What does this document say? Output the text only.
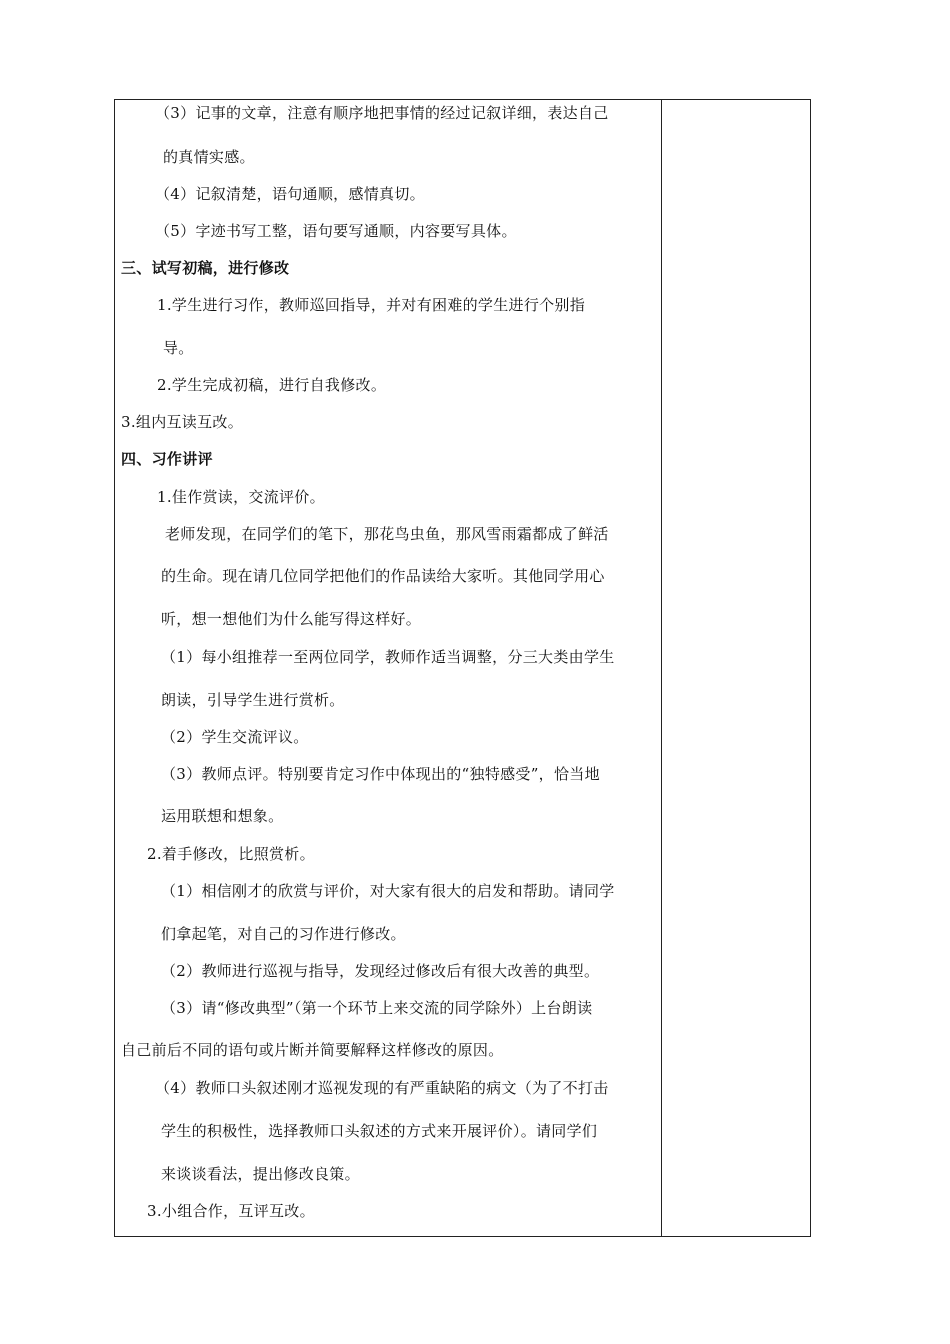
（3）记事的文章，注意有顺序地把事情的经过记叙详细，表达自己
的真情实感。
（4）记叙清楚，语句通顺，感情真切。
（5）字迹书写工整，语句要写通顺，内容要写具体。
三、试写初稿，进行修改
1.学生进行习作，教师巡回指导，并对有困难的学生进行个别指
导。
2.学生完成初稿，进行自我修改。
3.组内互读互改。
四、习作讲评
1.佳作赏读，交流评价。
老师发现，在同学们的笔下，那花鸟虫鱼，那风雪雨霜都成了鲜活
的生命。现在请几位同学把他们的作品读给大家听。其他同学用心
听，想一想他们为什么能写得这样好。
（1）每小组推荐一至两位同学，教师作适当调整，分三大类由学生
朗读，引导学生进行赏析。
（2）学生交流评议。
（3）教师点评。特别要肯定习作中体现出的“独特感受”，恰当地
运用联想和想象。
2.着手修改，比照赏析。
（1）相信刚才的欣赏与评价，对大家有很大的启发和帮助。请同学
们拿起笔，对自己的习作进行修改。
（2）教师进行巡视与指导，发现经过修改后有很大改善的典型。
（3）请“修改典型”（第一个环节上来交流的同学除外）上台朗读
自己前后不同的语句或片断并简要解释这样修改的原因。
（4）教师口头叙述刚才巡视发现的有严重缺陷的病文（为了不打击
学生的积极性，选择教师口头叙述的方式来开展评价）。请同学们
来谈谈看法，提出修改良策。
3.小组合作，互评互改。
